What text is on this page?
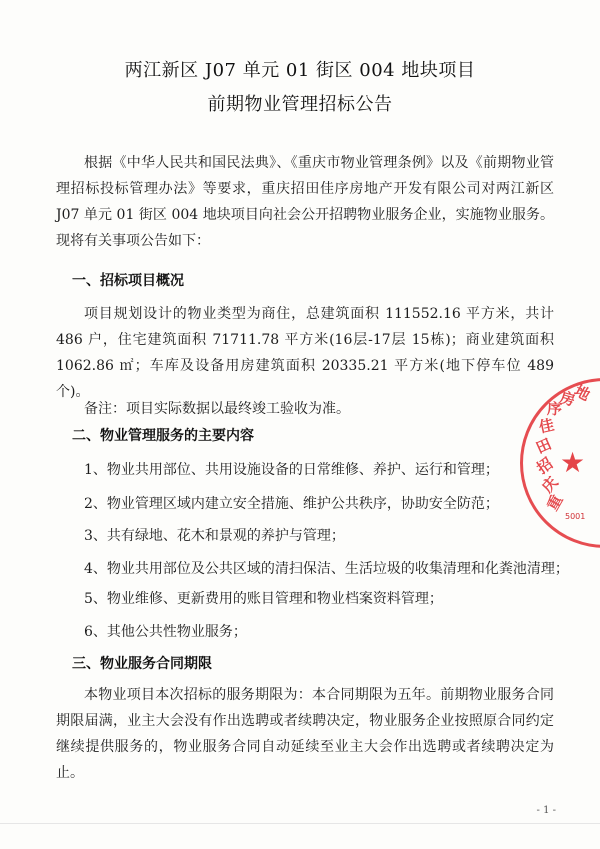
两江新区 J07 单元 01 街区 004 地块项目
前期物业管理招标公告

根据《中华人民共和国民法典》、《重庆市物业管理条例》以及《前期物业管理招标投标管理办法》等要求，重庆招田佳序房地产开发有限公司对两江新区 J07 单元 01 街区 004 地块项目向社会公开招聘物业服务企业，实施物业服务。现将有关事项公告如下：

一、招标项目概况

项目规划设计的物业类型为商住，总建筑面积 111552.16 平方米，共计 486 户，住宅建筑面积 71711.78 平方米(16层-17层 15栋)；商业建筑面积 1062.86 ㎡；车库及设备用房建筑面积 20335.21 平方米(地下停车位 489 个)。

备注：项目实际数据以最终竣工验收为准。
二、物业管理服务的主要内容
1、物业共用部位、共用设施设备的日常维修、养护、运行和管理；
2、物业管理区域内建立安全措施、维护公共秩序，协助安全防范；
3、共有绿地、花木和景观的养护与管理；
4、物业共用部位及公共区域的清扫保洁、生活垃圾的收集清理和化粪池清理；
5、物业维修、更新费用的账目管理和物业档案资料管理；
6、其他公共性物业服务；
三、物业服务合同期限

本物业项目本次招标的服务期限为：本合同期限为五年。前期物业服务合同期限届满，业主大会没有作出选聘或者续聘决定，物业服务企业按照原合同约定继续提供服务的，物业服务合同自动延续至业主大会作出选聘或者续聘决定为止。

重
庆
招
田
佳
序
房
地
★
5001
- 1 -
